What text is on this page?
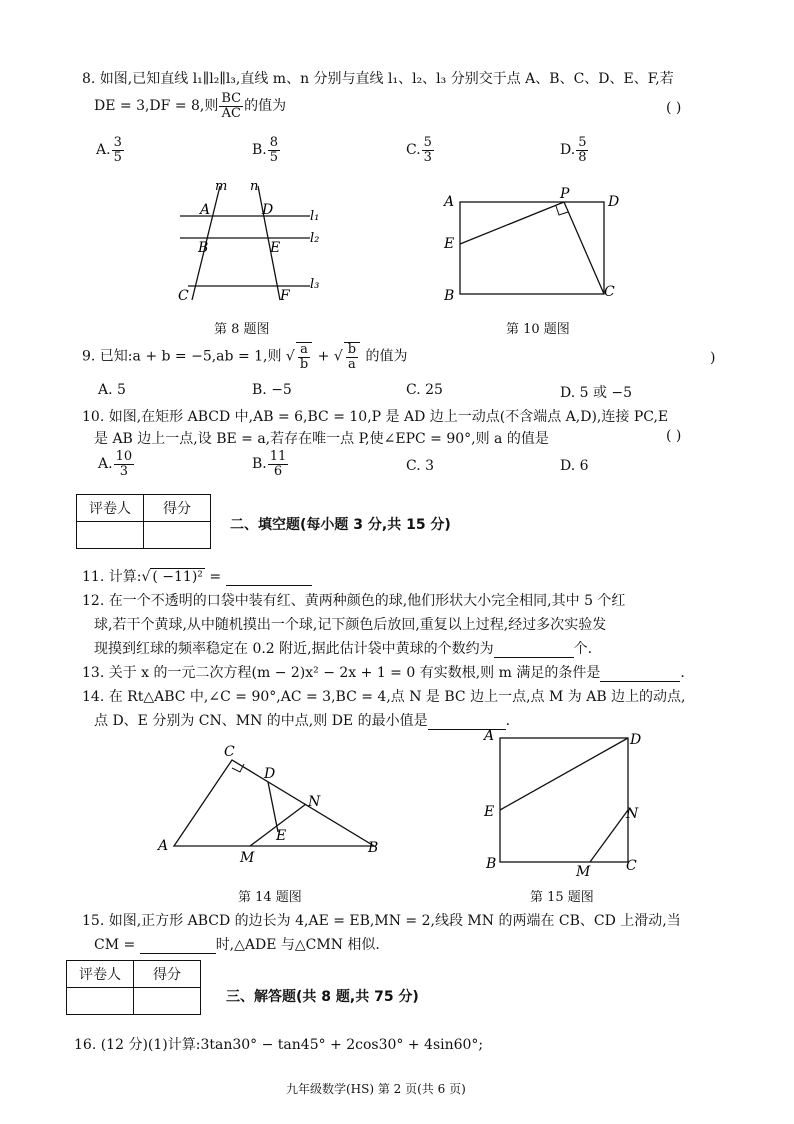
8. 如图,已知直线 l₁∥l₂∥l₃,直线 m、n 分别与直线 l₁、l₂、l₃ 分别交于点 A、B、C、D、E、F,若
DE = 3,DF = 8,则 $\frac{BC}{AC}$ 的值为	( )
A. $\frac{3}{5}$	B. $\frac{8}{5}$	C. $\frac{5}{3}$	D. $\frac{5}{8}$
m n
A	D	l₁
B	E
l₂
C	F
l₃
第 8 题图
A	P	D
E
B	C
第 10 题图
9. 已知:a + b = −5,ab = 1,则 √ $\frac{a}{b}$ + √ $\frac{b}{a}$ 的值为	)
A. 5	B. −5	C. 25	D. 5 或 −5
10. 如图,在矩形 ABCD 中,AB = 6,BC = 10,P 是 AD 边上一动点(不含端点 A,D),连接 PC,E
是 AB 边上一点,设 BE = a,若存在唯一点 P,使∠EPC = 90°,则 a 的值是	( )
A. $\frac{10}{3}$	B. $\frac{11}{6}$	C. 3	D. 6
评卷人	得分

二、填空题(每小题 3 分,共 15 分)
11. 计算:√ ( −11)² =
12. 在一个不透明的口袋中装有红、黄两种颜色的球,他们形状大小完全相同,其中 5 个红
球,若干个黄球,从中随机摸出一个球,记下颜色后放回,重复以上过程,经过多次实验发
现摸到红球的频率稳定在 0.2 附近,据此估计袋中黄球的个数约为	个.
13. 关于 x 的一元二次方程(m − 2)x² − 2x + 1 = 0 有实数根,则 m 满足的条件是	.
14. 在 Rt△ABC 中,∠C = 90°,AC = 3,BC = 4,点 N 是 BC 边上一点,点 M 为 AB 边上的动点,
点 D、E 分别为 CN、MN 的中点,则 DE 的最小值是	.
C
D
N
E
A
M
B
第 14 题图
A	D
E	N
B	M	C
第 15 题图
15. 如图,正方形 ABCD 的边长为 4,AE = EB,MN = 2,线段 MN 的两端在 CB、CD 上滑动,当
CM =	时,△ADE 与△CMN 相似.
评卷人	得分

三、解答题(共 8 题,共 75 分)
16. (12 分)(1)计算:3tan30° − tan45° + 2cos30° + 4sin60°;
九年级数学(HS) 第 2 页(共 6 页)
